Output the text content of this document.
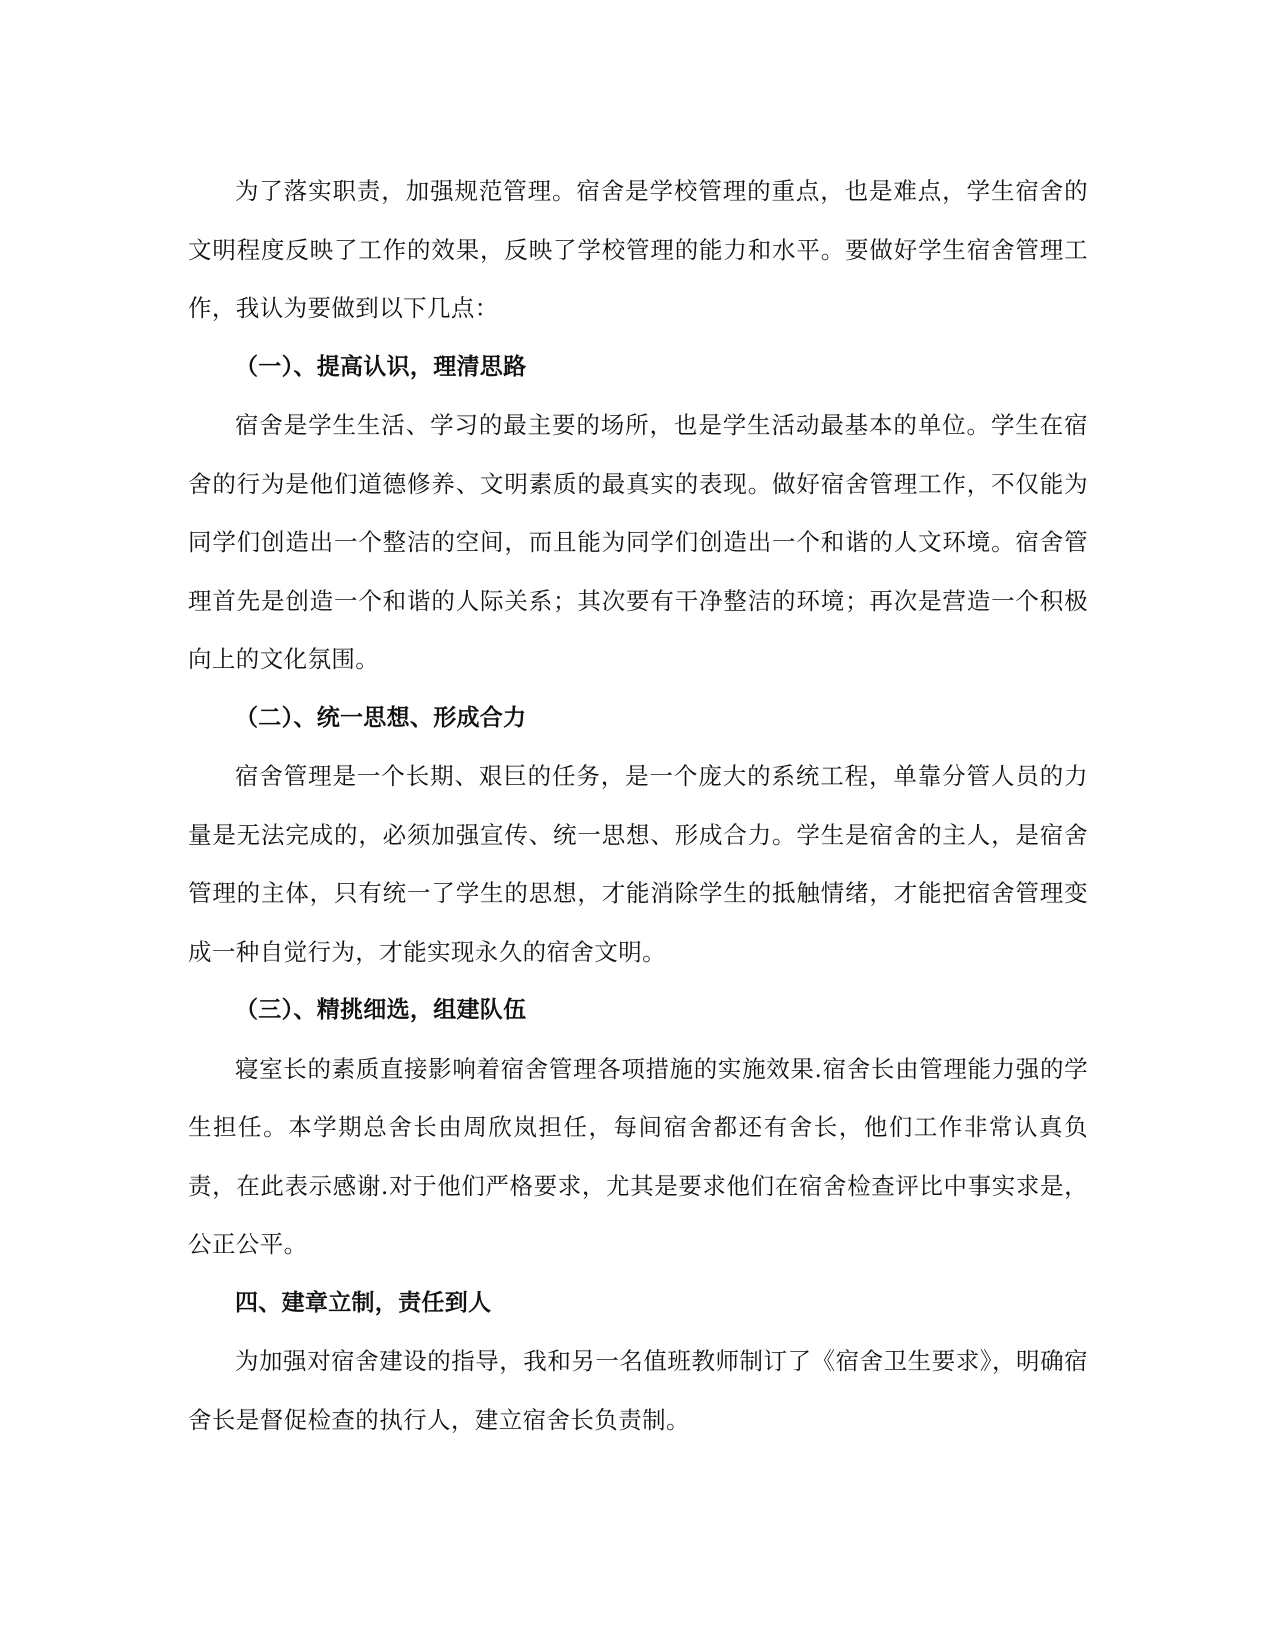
为了落实职责，加强规范管理。宿舍是学校管理的重点，也是难点，学生宿舍的文明程度反映了工作的效果，反映了学校管理的能力和水平。要做好学生宿舍管理工作，我认为要做到以下几点：

（一）、提高认识，理清思路

宿舍是学生生活、学习的最主要的场所，也是学生活动最基本的单位。学生在宿舍的行为是他们道德修养、文明素质的最真实的表现。做好宿舍管理工作，不仅能为同学们创造出一个整洁的空间，而且能为同学们创造出一个和谐的人文环境。宿舍管理首先是创造一个和谐的人际关系；其次要有干净整洁的环境；再次是营造一个积极向上的文化氛围。

（二）、统一思想、形成合力

宿舍管理是一个长期、艰巨的任务，是一个庞大的系统工程，单靠分管人员的力量是无法完成的，必须加强宣传、统一思想、形成合力。学生是宿舍的主人，是宿舍管理的主体，只有统一了学生的思想，才能消除学生的抵触情绪，才能把宿舍管理变成一种自觉行为，才能实现永久的宿舍文明。

（三）、精挑细选，组建队伍

寝室长的素质直接影响着宿舍管理各项措施的实施效果.宿舍长由管理能力强的学生担任。本学期总舍长由周欣岚担任，每间宿舍都还有舍长，他们工作非常认真负责，在此表示感谢.对于他们严格要求，尤其是要求他们在宿舍检查评比中事实求是，公正公平。

四、建章立制，责任到人

为加强对宿舍建设的指导，我和另一名值班教师制订了《宿舍卫生要求》，明确宿舍长是督促检查的执行人，建立宿舍长负责制。
